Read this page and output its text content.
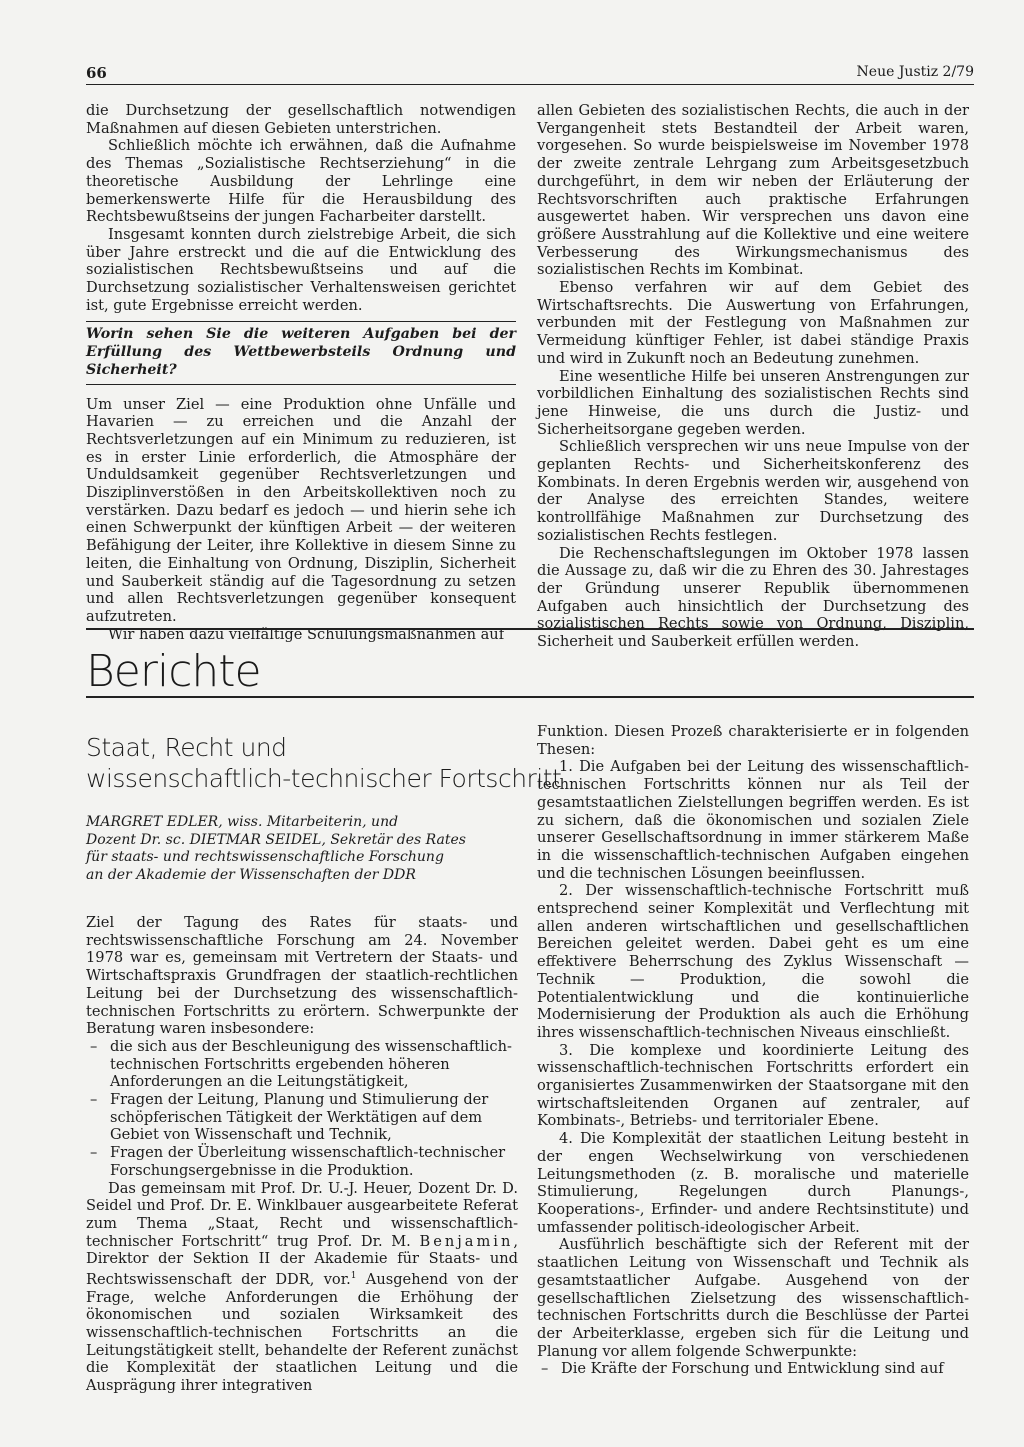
66	Neue Justiz 2/79

die Durchsetzung der gesellschaftlich notwendigen Maßnahmen auf diesen Gebieten unterstrichen.

Schließlich möchte ich erwähnen, daß die Aufnahme des Themas „Sozialistische Rechtserziehung“ in die theoretische Ausbildung der Lehrlinge eine bemerkenswerte Hilfe für die Herausbildung des Rechtsbewußtseins der jungen Facharbeiter darstellt.

Insgesamt konnten durch zielstrebige Arbeit, die sich über Jahre erstreckt und die auf die Entwicklung des sozialistischen Rechtsbewußtseins und auf die Durchsetzung sozialistischer Verhaltensweisen gerichtet ist, gute Ergebnisse erreicht werden.

Worin sehen Sie die weiteren Aufgaben bei der Erfüllung des Wettbewerbsteils Ordnung und Sicherheit?

Um unser Ziel — eine Produktion ohne Unfälle und Havarien — zu erreichen und die Anzahl der Rechtsverletzungen auf ein Minimum zu reduzieren, ist es in erster Linie erforderlich, die Atmosphäre der Unduldsamkeit gegenüber Rechtsverletzungen und Disziplinverstößen in den Arbeitskollektiven noch zu verstärken. Dazu bedarf es jedoch — und hierin sehe ich einen Schwerpunkt der künftigen Arbeit — der weiteren Befähigung der Leiter, ihre Kollektive in diesem Sinne zu leiten, die Einhaltung von Ordnung, Disziplin, Sicherheit und Sauberkeit ständig auf die Tagesordnung zu setzen und allen Rechtsverletzungen gegenüber konsequent aufzutreten.

Wir haben dazu vielfältige Schulungsmaßnahmen auf

allen Gebieten des sozialistischen Rechts, die auch in der Vergangenheit stets Bestandteil der Arbeit waren, vorgesehen. So wurde beispielsweise im November 1978 der zweite zentrale Lehrgang zum Arbeitsgesetzbuch durchgeführt, in dem wir neben der Erläuterung der Rechtsvorschriften auch praktische Erfahrungen ausgewertet haben. Wir versprechen uns davon eine größere Ausstrahlung auf die Kollektive und eine weitere Verbesserung des Wirkungsmechanismus des sozialistischen Rechts im Kombinat.

Ebenso verfahren wir auf dem Gebiet des Wirtschaftsrechts. Die Auswertung von Erfahrungen, verbunden mit der Festlegung von Maßnahmen zur Vermeidung künftiger Fehler, ist dabei ständige Praxis und wird in Zukunft noch an Bedeutung zunehmen.

Eine wesentliche Hilfe bei unseren Anstrengungen zur vorbildlichen Einhaltung des sozialistischen Rechts sind jene Hinweise, die uns durch die Justiz- und Sicherheitsorgane gegeben werden.

Schließlich versprechen wir uns neue Impulse von der geplanten Rechts- und Sicherheitskonferenz des Kombinats. In deren Ergebnis werden wir, ausgehend von der Analyse des erreichten Standes, weitere kontrollfähige Maßnahmen zur Durchsetzung des sozialistischen Rechts festlegen.

Die Rechenschaftslegungen im Oktober 1978 lassen die Aussage zu, daß wir die zu Ehren des 30. Jahrestages der Gründung unserer Republik übernommenen Aufgaben auch hinsichtlich der Durchsetzung des sozialistischen Rechts sowie von Ordnung, Disziplin, Sicherheit und Sauberkeit erfüllen werden.

Berichte
Staat, Recht und
wissenschaftlich-technischer Fortschritt
MARGRET EDLER, wiss. Mitarbeiterin, und
Dozent Dr. sc. DIETMAR SEIDEL, Sekretär des Rates
für staats- und rechtswissenschaftliche Forschung
an der Akademie der Wissenschaften der DDR

Ziel der Tagung des Rates für staats- und rechtswissenschaftliche Forschung am 24. November 1978 war es, gemeinsam mit Vertretern der Staats- und Wirtschaftspraxis Grundfragen der staatlich-rechtlichen Leitung bei der Durchsetzung des wissenschaftlich-technischen Fortschritts zu erörtern. Schwerpunkte der Beratung waren insbesondere:

– die sich aus der Beschleunigung des wissenschaftlich-technischen Fortschritts ergebenden höheren Anforderungen an die Leitungstätigkeit,
– Fragen der Leitung, Planung und Stimulierung der schöpferischen Tätigkeit der Werktätigen auf dem Gebiet von Wissenschaft und Technik,
– Fragen der Überleitung wissenschaftlich-technischer Forschungsergebnisse in die Produktion.

Das gemeinsam mit Prof. Dr. U.-J. Heuer, Dozent Dr. D. Seidel und Prof. Dr. E. Winklbauer ausgearbeitete Referat zum Thema „Staat, Recht und wissenschaftlich-technischer Fortschritt“ trug Prof. Dr. M. Benjamin, Direktor der Sektion II der Akademie für Staats- und Rechtswissenschaft der DDR, vor.$^1$ Ausgehend von der Frage, welche Anforderungen die Erhöhung der ökonomischen und sozialen Wirksamkeit des wissenschaftlich-technischen Fortschritts an die Leitungstätigkeit stellt, behandelte der Referent zunächst die Komplexität der staatlichen Leitung und die Ausprägung ihrer integrativen

Funktion. Diesen Prozeß charakterisierte er in folgenden Thesen:

1. Die Aufgaben bei der Leitung des wissenschaftlich-technischen Fortschritts können nur als Teil der gesamtstaatlichen Zielstellungen begriffen werden. Es ist zu sichern, daß die ökonomischen und sozialen Ziele unserer Gesellschaftsordnung in immer stärkerem Maße in die wissenschaftlich-technischen Aufgaben eingehen und die technischen Lösungen beeinflussen.

2. Der wissenschaftlich-technische Fortschritt muß entsprechend seiner Komplexität und Verflechtung mit allen anderen wirtschaftlichen und gesellschaftlichen Bereichen geleitet werden. Dabei geht es um eine effektivere Beherrschung des Zyklus Wissenschaft — Technik — Produktion, die sowohl die Potentialentwicklung und die kontinuierliche Modernisierung der Produktion als auch die Erhöhung ihres wissenschaftlich-technischen Niveaus einschließt.

3. Die komplexe und koordinierte Leitung des wissenschaftlich-technischen Fortschritts erfordert ein organisiertes Zusammenwirken der Staatsorgane mit den wirtschaftsleitenden Organen auf zentraler, auf Kombinats-, Betriebs- und territorialer Ebene.

4. Die Komplexität der staatlichen Leitung besteht in der engen Wechselwirkung von verschiedenen Leitungsmethoden (z. B. moralische und materielle Stimulierung, Regelungen durch Planungs-, Kooperations-, Erfinder- und andere Rechtsinstitute) und umfassender politisch-ideologischer Arbeit.

Ausführlich beschäftigte sich der Referent mit der staatlichen Leitung von Wissenschaft und Technik als gesamtstaatlicher Aufgabe. Ausgehend von der gesellschaftlichen Zielsetzung des wissenschaftlich-technischen Fortschritts durch die Beschlüsse der Partei der Arbeiterklasse, ergeben sich für die Leitung und Planung vor allem folgende Schwerpunkte:

– Die Kräfte der Forschung und Entwicklung sind auf
